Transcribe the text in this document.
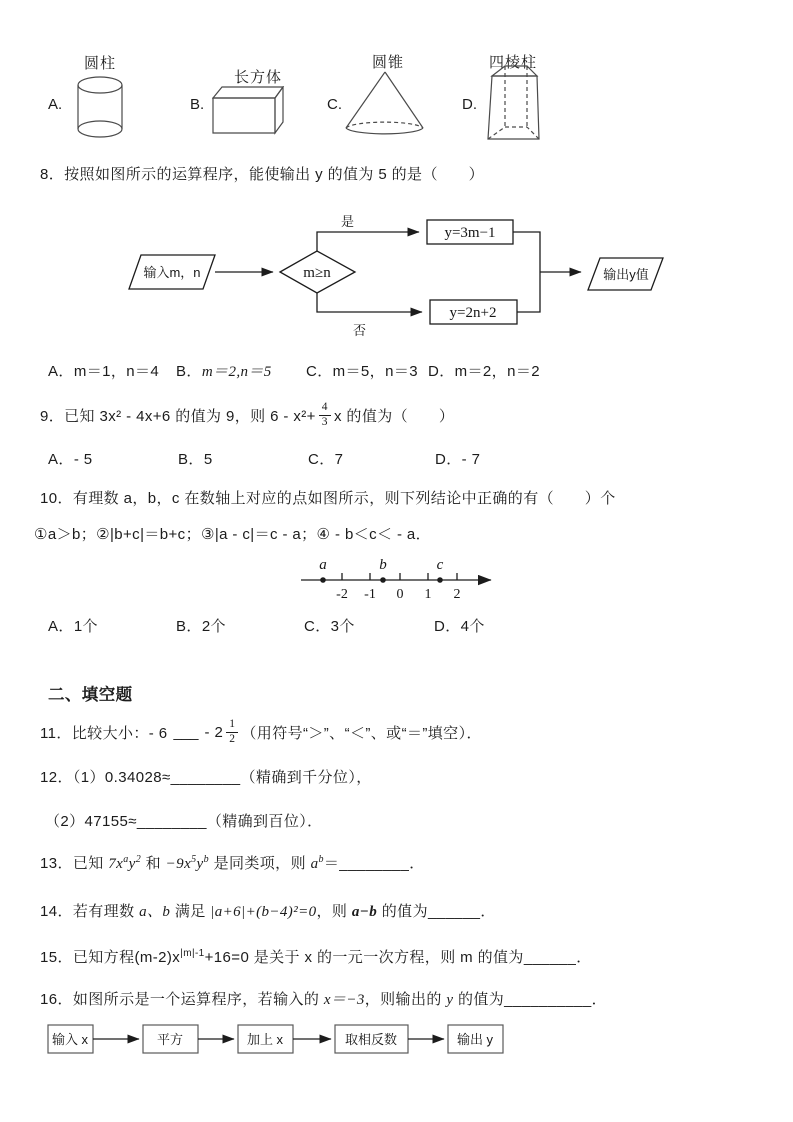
A.
圆柱
B.
长方体
C.
圆锥
D.
四棱柱
8．按照如图所示的运算程序，能使输出 y 的值为 5 的是（　　）
输入m，n	m≥n
是
y=3m−1
否
y=2n+2
输出y值
A．m＝1，n＝4 B．m＝2,n＝5 C．m＝5，n＝3 D．m＝2，n＝2
9．已知 3x² - 4x+6 的值为 9，则 $6 - x^2+ \frac{4}{3}$ x 的值为（　　）
A．- 5	B．5	C．7	D．- 7
10．有理数 a，b，c 在数轴上对应的点如图所示，则下列结论中正确的有（　　）个
①a＞b；②|b+c|＝b+c；③|a - c|＝c - a；④ - b＜c＜ - a．
a	b	c
-2 -1 0 1 2
A．1个	B．2个	C．3个	D．4个
二、填空题
11．比较大小：- 6 ___ - $2 \frac{1}{2}$ （用符号“＞”、“＜”、或“＝”填空）．
12．（1）0.34028≈________（精确到千分位），
（2）47155≈________（精确到百位）．
13．已知 $7x^ay^2$ 和 $-9x^5y^b$ 是同类项，则 $a^b=\_\_\_\_\_\_\_\_$．
14．若有理数 a、b 满足 |a+6|+(b−4)²=0，则 a−b 的值为______．
15．已知方程$(m-2)x^{|m|-1}+16=0$ 是关于 x 的一元一次方程，则 m 的值为______．
16．如图所示是一个运算程序，若输入的 x＝−3，则输出的 y 的值为__________．
输入 x	平方	加上 x	取相反数	输出 y
